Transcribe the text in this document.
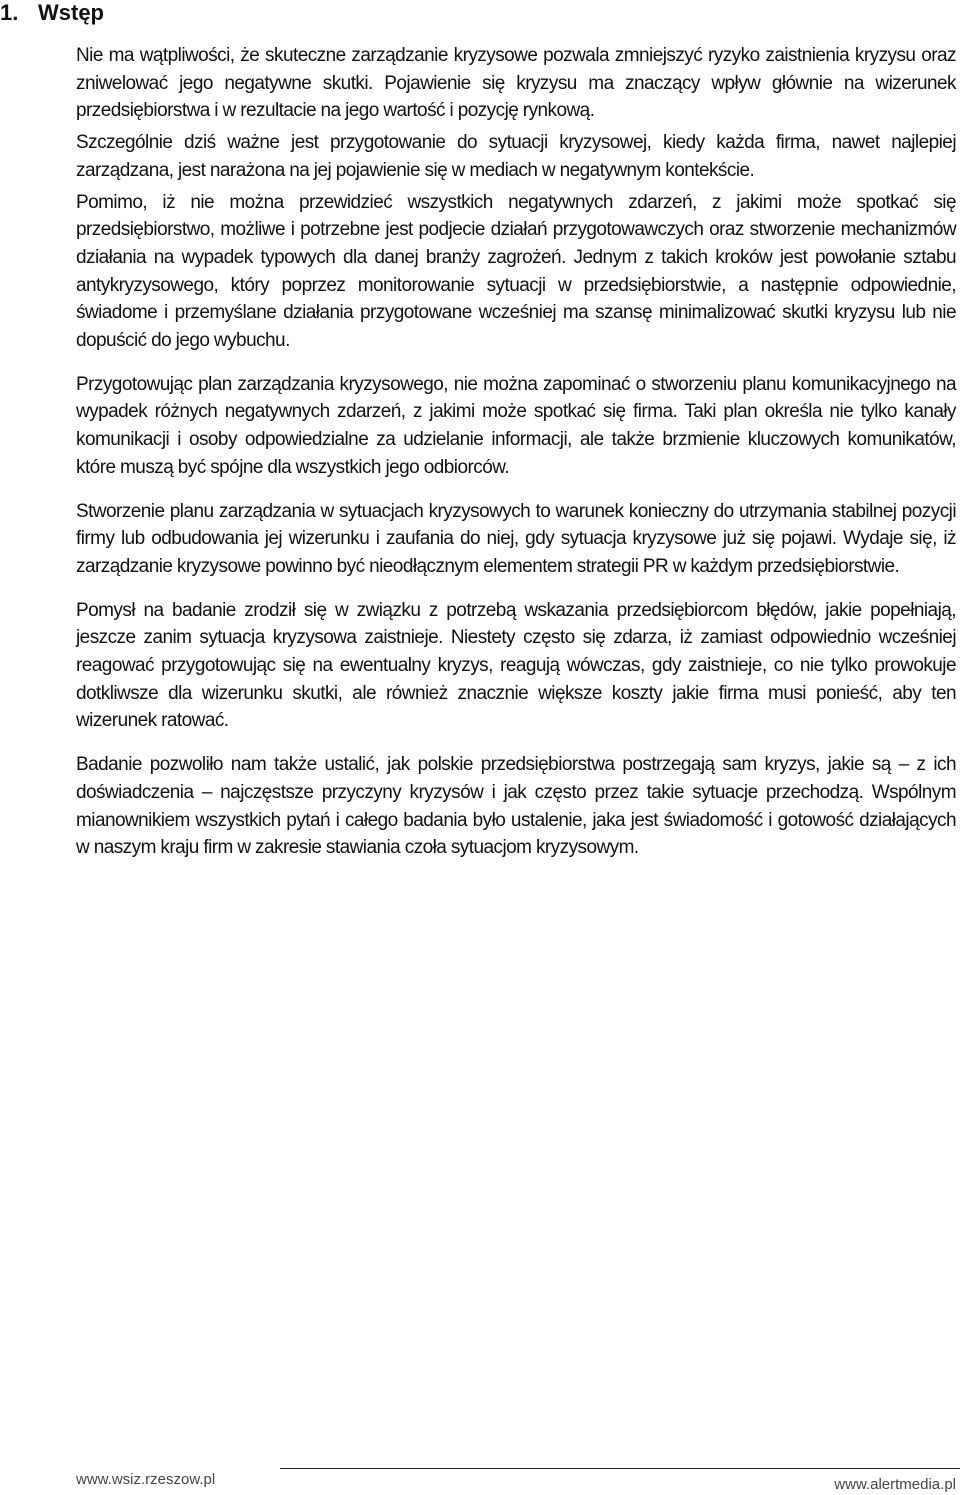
1. Wstęp

Nie ma wątpliwości, że skuteczne zarządzanie kryzysowe pozwala zmniejszyć ryzyko zaistnienia kryzysu oraz zniwelować jego negatywne skutki. Pojawienie się kryzysu ma znaczący wpływ głównie na wizerunek przedsiębiorstwa i w rezultacie na jego wartość i pozycję rynkową.

Szczególnie dziś ważne jest przygotowanie do sytuacji kryzysowej, kiedy każda firma, nawet najlepiej zarządzana, jest narażona na jej pojawienie się w mediach w negatywnym kontekście.

Pomimo, iż nie można przewidzieć wszystkich negatywnych zdarzeń, z jakimi może spotkać się przedsiębiorstwo, możliwe i potrzebne jest podjecie działań przygotowawczych oraz stworzenie mechanizmów działania na wypadek typowych dla danej branży zagrożeń. Jednym z takich kroków jest powołanie sztabu antykryzysowego, który poprzez monitorowanie sytuacji w przedsiębiorstwie, a następnie odpowiednie, świadome i przemyślane działania przygotowane wcześniej ma szansę minimalizować skutki kryzysu lub nie dopuścić do jego wybuchu.

Przygotowując plan zarządzania kryzysowego, nie można zapominać o stworzeniu planu komunikacyjnego na wypadek różnych negatywnych zdarzeń, z jakimi może spotkać się firma. Taki plan określa nie tylko kanały komunikacji i osoby odpowiedzialne za udzielanie informacji, ale także brzmienie kluczowych komunikatów, które muszą być spójne dla wszystkich jego odbiorców.

Stworzenie planu zarządzania w sytuacjach kryzysowych to warunek konieczny do utrzymania stabilnej pozycji firmy lub odbudowania jej wizerunku i zaufania do niej, gdy sytuacja kryzysowe już się pojawi. Wydaje się, iż zarządzanie kryzysowe powinno być nieodłącznym elementem strategii PR w każdym przedsiębiorstwie.

Pomysł na badanie zrodził się w związku z potrzebą wskazania przedsiębiorcom błędów, jakie popełniają, jeszcze zanim sytuacja kryzysowa zaistnieje. Niestety często się zdarza, iż zamiast odpowiednio wcześniej reagować przygotowując się na ewentualny kryzys, reagują wówczas, gdy zaistnieje, co nie tylko prowokuje dotkliwsze dla wizerunku skutki, ale również znacznie większe koszty jakie firma musi ponieść, aby ten wizerunek ratować.

Badanie pozwoliło nam także ustalić, jak polskie przedsiębiorstwa postrzegają sam kryzys, jakie są – z ich doświadczenia – najczęstsze przyczyny kryzysów i jak często przez takie sytuacje przechodzą. Wspólnym mianownikiem wszystkich pytań i całego badania było ustalenie, jaka jest świadomość i gotowość działających w naszym kraju firm w zakresie stawiania czoła sytuacjom kryzysowym.

www.wsiz.rzeszow.pl	www.alertmedia.pl
